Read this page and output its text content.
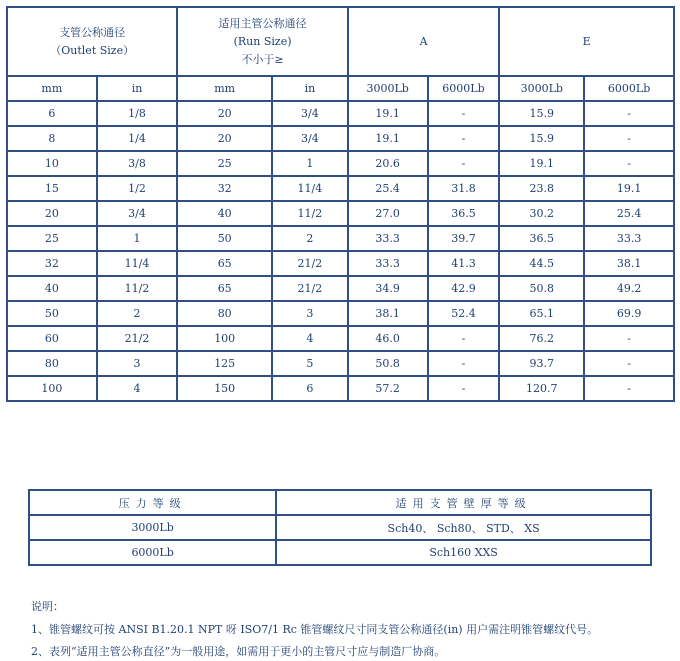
支管公称通径
（Outlet Size）		适用主管公称通径
(Run Size)
不小于≥		A		E	
mm	in	mm	in	3000Lb	6000Lb	3000Lb	6000Lb
6	1/8	20	3/4	19.1	-	15.9	-
8	1/4	20	3/4	19.1	-	15.9	-
10	3/8	25	1	20.6	-	19.1	-
15	1/2	32	11/4	25.4	31.8	23.8	19.1
20	3/4	40	11/2	27.0	36.5	30.2	25.4
25	1	50	2	33.3	39.7	36.5	33.3
32	11/4	65	21/2	33.3	41.3	44.5	38.1
40	11/2	65	21/2	34.9	42.9	50.8	49.2
50	2	80	3	38.1	52.4	65.1	69.9
60	21/2	100	4	46.0	-	76.2	-
80	3	125	5	50.8	-	93.7	-
100	4	150	6	57.2	-	120.7	-
压力等级	适用支管壁厚等级
3000Lb	Sch40、 Sch80、 STD、 XS
6000Lb	Sch160 XXS
说明：
1、锥管螺纹可按 ANSI B1.20.1 NPT 呀 ISO7/1 Rc 锥管螺纹尺寸同支管公称通径(in) 用户需注明锥管螺纹代号。
2、表列“适用主管公称直径”为一般用途，如需用于更小的主管尺寸应与制造厂协商。
